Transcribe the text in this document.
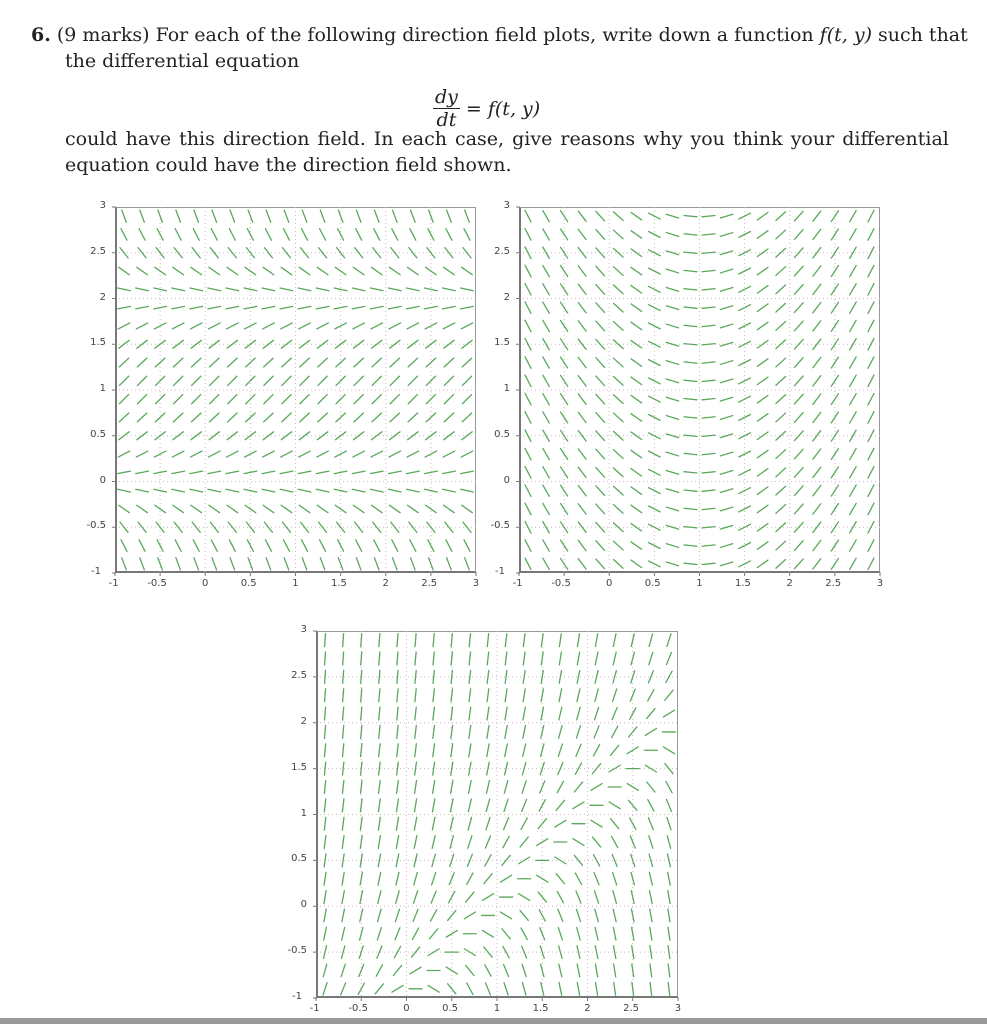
6. (9 marks) For each of the following direction field plots, write down a function f(t, y) such that
the differential equation
$\frac{dy}{dt} = f(t$, y)
could have this direction field. In each case, give reasons why you think your differential
equation could have the direction field shown.
-1	-0.5	0	0.5	1	1.5	2	2.5	3
-1
-0.5
0
0.5
1
1.5
2
2.5
3
-1	-0.5	0	0.5	1	1.5	2	2.5	3
-1
-0.5
0
0.5
1
1.5
2
2.5
3
-1	-0.5	0	0.5	1	1.5	2	2.5	3
-1
-0.5
0
0.5
1
1.5
2
2.5
3
